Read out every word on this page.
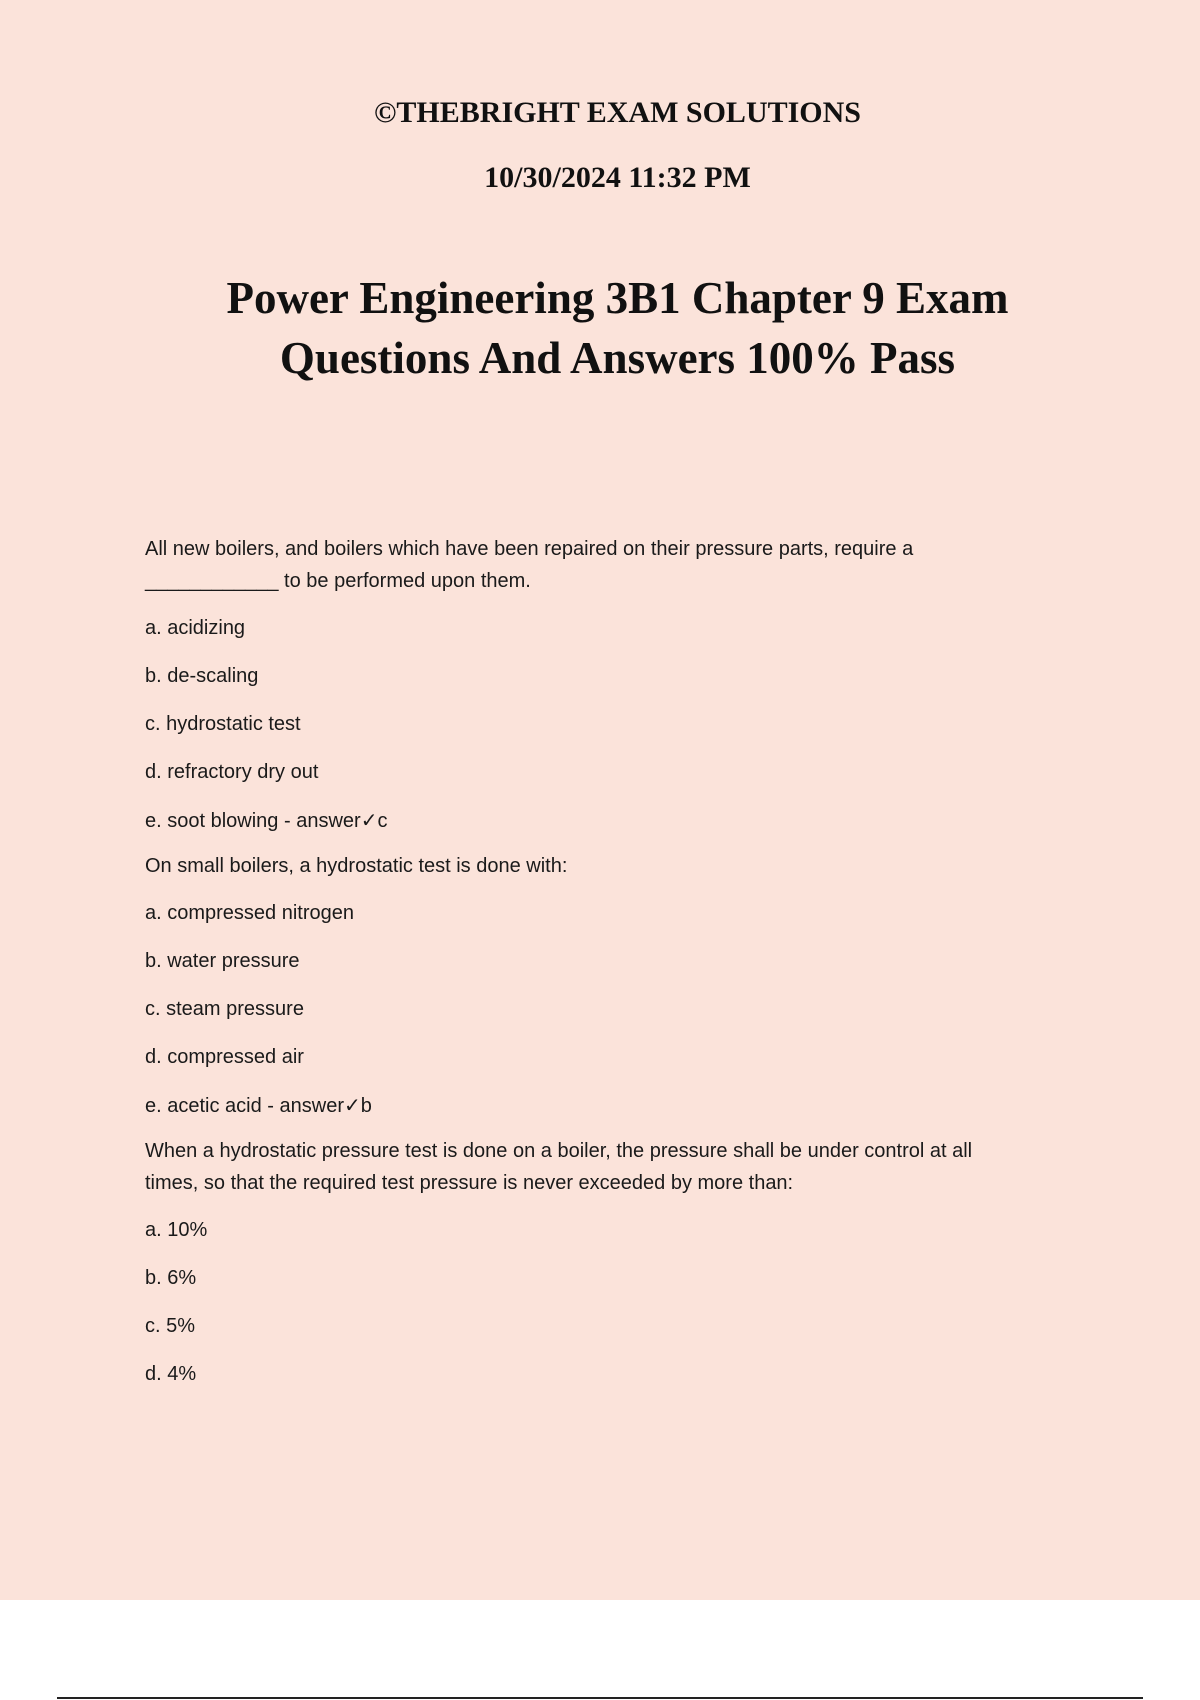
©THEBRIGHT EXAM SOLUTIONS

10/30/2024 11:32 PM

Power Engineering 3B1 Chapter 9 Exam
Questions And Answers 100% Pass

All new boilers, and boilers which have been repaired on their pressure parts, require a
____________ to be performed upon them.

a. acidizing

b. de-scaling

c. hydrostatic test

d. refractory dry out

e. soot blowing - answer✓c

On small boilers, a hydrostatic test is done with:

a. compressed nitrogen

b. water pressure

c. steam pressure

d. compressed air

e. acetic acid - answer✓b

When a hydrostatic pressure test is done on a boiler, the pressure shall be under control at all
times, so that the required test pressure is never exceeded by more than:

a. 10%

b. 6%

c. 5%

d. 4%
